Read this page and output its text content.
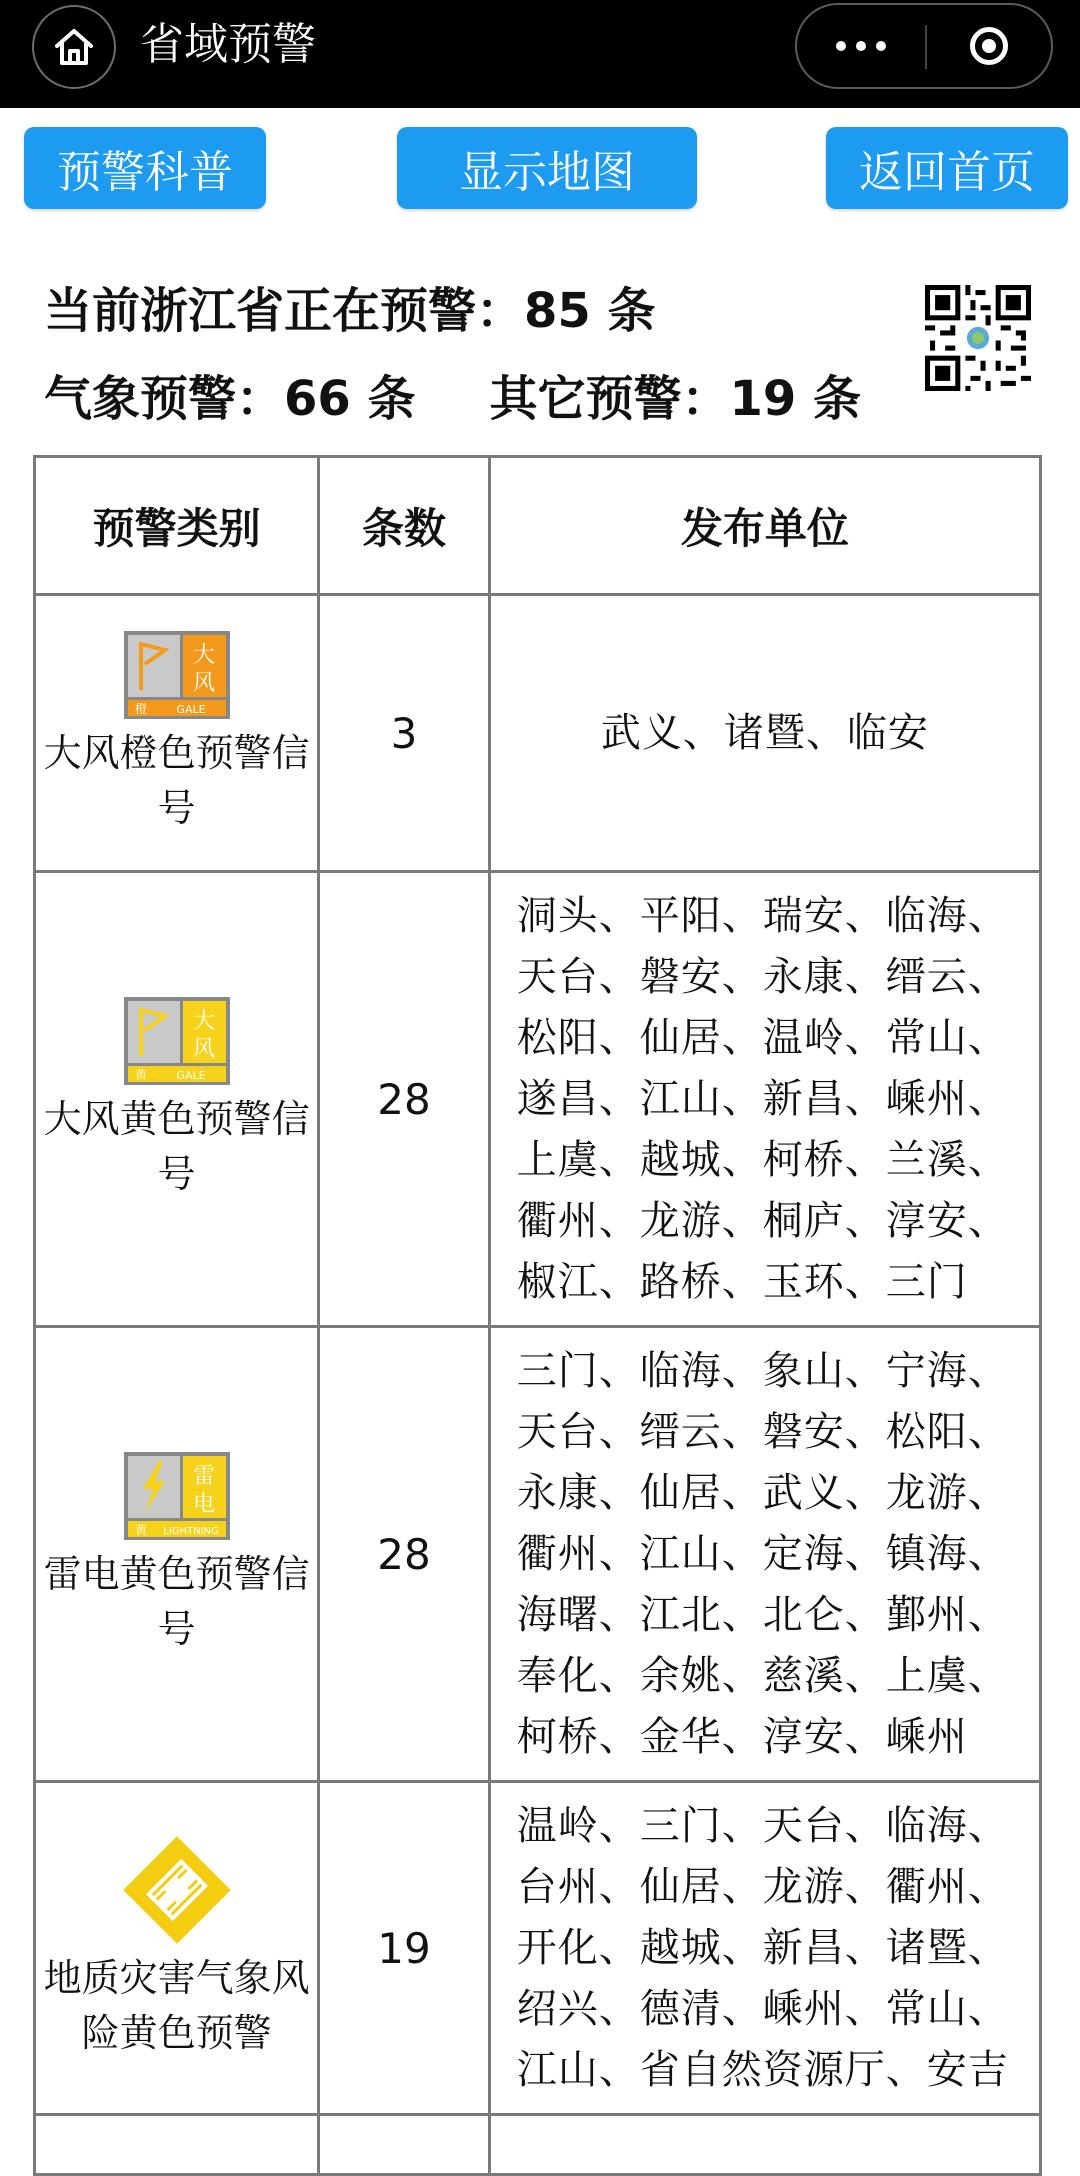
省域预警
预警科普	显示地图	返回首页
当前浙江省正在预警：85 条
气象预警：66 条 其它预警：19 条
预警类别	条数	发布单位

大
风
橙 GALE
大风橙色预警信号	3	武义、诸暨、临安

大
风
黄 GALE
大风黄色预警信号	28	洞头、平阳、瑞安、临海、天台、磐安、永康、缙云、松阳、仙居、温岭、常山、遂昌、江山、新昌、嵊州、上虞、越城、柯桥、兰溪、衢州、龙游、桐庐、淳安、椒江、路桥、玉环、三门

雷
电
黄 LIGHTNING
雷电黄色预警信号	28	三门、临海、象山、宁海、天台、缙云、磐安、松阳、永康、仙居、武义、龙游、衢州、江山、定海、镇海、海曙、江北、北仑、鄞州、奉化、余姚、慈溪、上虞、柯桥、金华、淳安、嵊州

地质灾害气象风险黄色预警	19	温岭、三门、天台、临海、台州、仙居、龙游、衢州、开化、越城、新昌、诸暨、绍兴、德清、嵊州、常山、江山、省自然资源厅、安吉
